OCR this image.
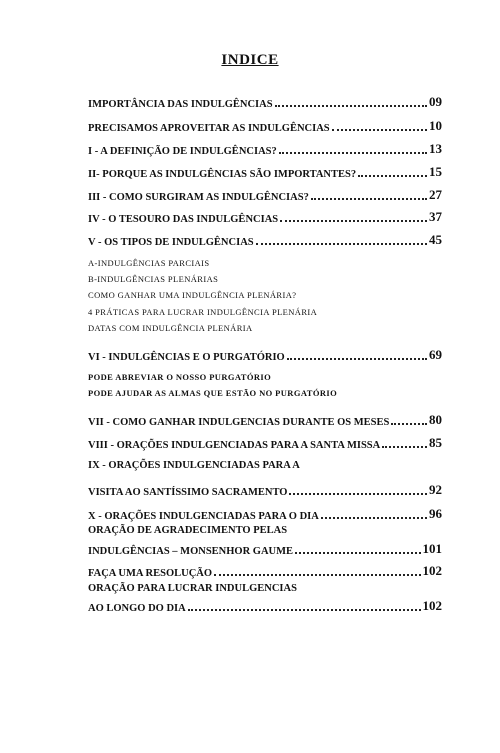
INDICE
IMPORTÂNCIA DAS INDULGÊNCIAS	09
PRECISAMOS APROVEITAR AS INDULGÊNCIAS	10
I - A DEFINIÇÃO DE INDULGÊNCIAS?	13
II- PORQUE AS INDULGÊNCIAS SÃO IMPORTANTES?	15
III - COMO SURGIRAM AS INDULGÊNCIAS?	27
IV - O TESOURO DAS INDULGÊNCIAS	37
V - OS TIPOS DE INDULGÊNCIAS	45
A-INDULGÊNCIAS PARCIAIS
B-INDULGÊNCIAS PLENÁRIAS
COMO GANHAR UMA INDULGÊNCIA PLENÁRIA?
4 PRÁTICAS PARA LUCRAR INDULGÊNCIA PLENÁRIA
DATAS COM INDULGÊNCIA PLENÁRIA
VI - INDULGÊNCIAS E O PURGATÓRIO	69
PODE ABREVIAR O NOSSO PURGATÓRIO
PODE AJUDAR AS ALMAS QUE ESTÃO NO PURGATÓRIO
VII - COMO GANHAR INDULGENCIAS DURANTE OS MESES	80
VIII - ORAÇÕES INDULGENCIADAS PARA A SANTA MISSA	85
IX - ORAÇÕES INDULGENCIADAS PARA A
VISITA AO SANTÍSSIMO SACRAMENTO	92
X - ORAÇÕES INDULGENCIADAS PARA O DIA	96
ORAÇÃO DE AGRADECIMENTO PELAS
INDULGÊNCIAS – MONSENHOR GAUME	101
FAÇA UMA RESOLUÇÃO	102
ORAÇÃO PARA LUCRAR INDULGENCIAS
AO LONGO DO DIA	102
